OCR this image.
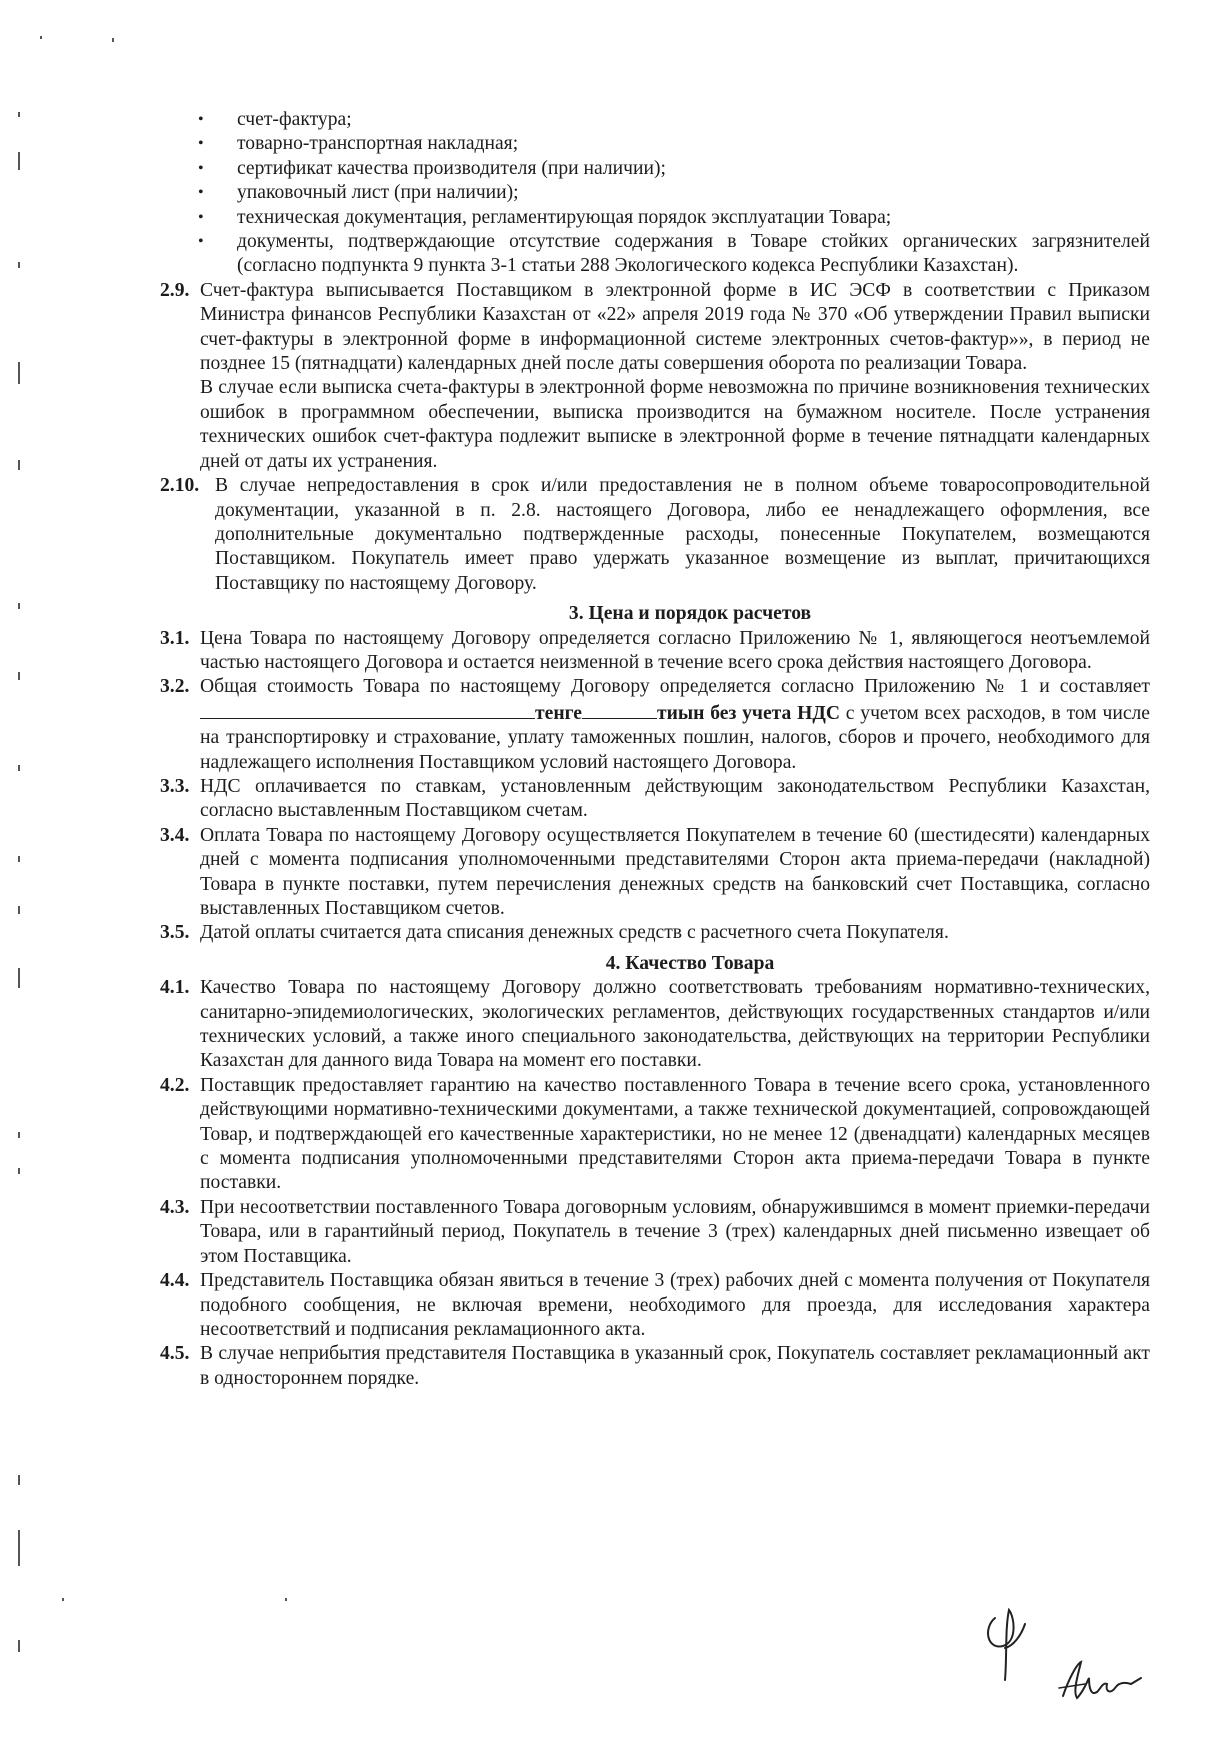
• счет-фактура;
• товарно-транспортная накладная;
• сертификат качества производителя (при наличии);
• упаковочный лист (при наличии);
• техническая документация, регламентирующая порядок эксплуатации Товара;
• документы, подтверждающие отсутствие содержания в Товаре стойких органических загрязнителей (согласно подпункта 9 пункта 3-1 статьи 288 Экологического кодекса Республики Казахстан).
2.9. Счет-фактура выписывается Поставщиком в электронной форме в ИС ЭСФ в соответствии с Приказом Министра финансов Республики Казахстан от «22» апреля 2019 года № 370 «Об утверждении Правил выписки счет-фактуры в электронной форме в информационной системе электронных счетов-фактур»», в период не позднее 15 (пятнадцати) календарных дней после даты совершения оборота по реализации Товара.

В случае если выписка счета-фактуры в электронной форме невозможна по причине возникновения технических ошибок в программном обеспечении, выписка производится на бумажном носителе. После устранения технических ошибок счет-фактура подлежит выписке в электронной форме в течение пятнадцати календарных дней от даты их устранения.

2.10. В случае непредоставления в срок и/или предоставления не в полном объеме товаросопроводительной документации, указанной в п. 2.8. настоящего Договора, либо ее ненадлежащего оформления, все дополнительные документально подтвержденные расходы, понесенные Покупателем, возмещаются Поставщиком. Покупатель имеет право удержать указанное возмещение из выплат, причитающихся Поставщику по настоящему Договору.
3. Цена и порядок расчетов
3.1. Цена Товара по настоящему Договору определяется согласно Приложению № 1, являющегося неотъемлемой частью настоящего Договора и остается неизменной в течение всего срока действия настоящего Договора.
3.2. Общая стоимость Товара по настоящему Договору определяется согласно Приложению № 1 и составляеттенге	тиын без учета НДС с учетом всех расходов, в том числе на транспортировку и страхование, уплату таможенных пошлин, налогов, сборов и прочего, необходимого для надлежащего исполнения Поставщиком условий настоящего Договора.
3.3. НДС оплачивается по ставкам, установленным действующим законодательством Республики Казахстан, согласно выставленным Поставщиком счетам.
3.4. Оплата Товара по настоящему Договору осуществляется Покупателем в течение 60 (шестидесяти) календарных дней с момента подписания уполномоченными представителями Сторон акта приема-передачи (накладной) Товара в пункте поставки, путем перечисления денежных средств на банковский счет Поставщика, согласно выставленных Поставщиком счетов.
3.5. Датой оплаты считается дата списания денежных средств с расчетного счета Покупателя.
4. Качество Товара
4.1. Качество Товара по настоящему Договору должно соответствовать требованиям нормативно-технических, санитарно-эпидемиологических, экологических регламентов, действующих государственных стандартов и/или технических условий, а также иного специального законодательства, действующих на территории Республики Казахстан для данного вида Товара на момент его поставки.
4.2. Поставщик предоставляет гарантию на качество поставленного Товара в течение всего срока, установленного действующими нормативно-техническими документами, а также технической документацией, сопровождающей Товар, и подтверждающей его качественные характеристики, но не менее 12 (двенадцати) календарных месяцев с момента подписания уполномоченными представителями Сторон акта приема-передачи Товара в пункте поставки.
4.3. При несоответствии поставленного Товара договорным условиям, обнаружившимся в момент приемки-передачи Товара, или в гарантийный период, Покупатель в течение 3 (трех) календарных дней письменно извещает об этом Поставщика.
4.4. Представитель Поставщика обязан явиться в течение 3 (трех) рабочих дней с момента получения от Покупателя подобного сообщения, не включая времени, необходимого для проезда, для исследования характера несоответствий и подписания рекламационного акта.
4.5. В случае неприбытия представителя Поставщика в указанный срок, Покупатель составляет рекламационный акт в одностороннем порядке.
